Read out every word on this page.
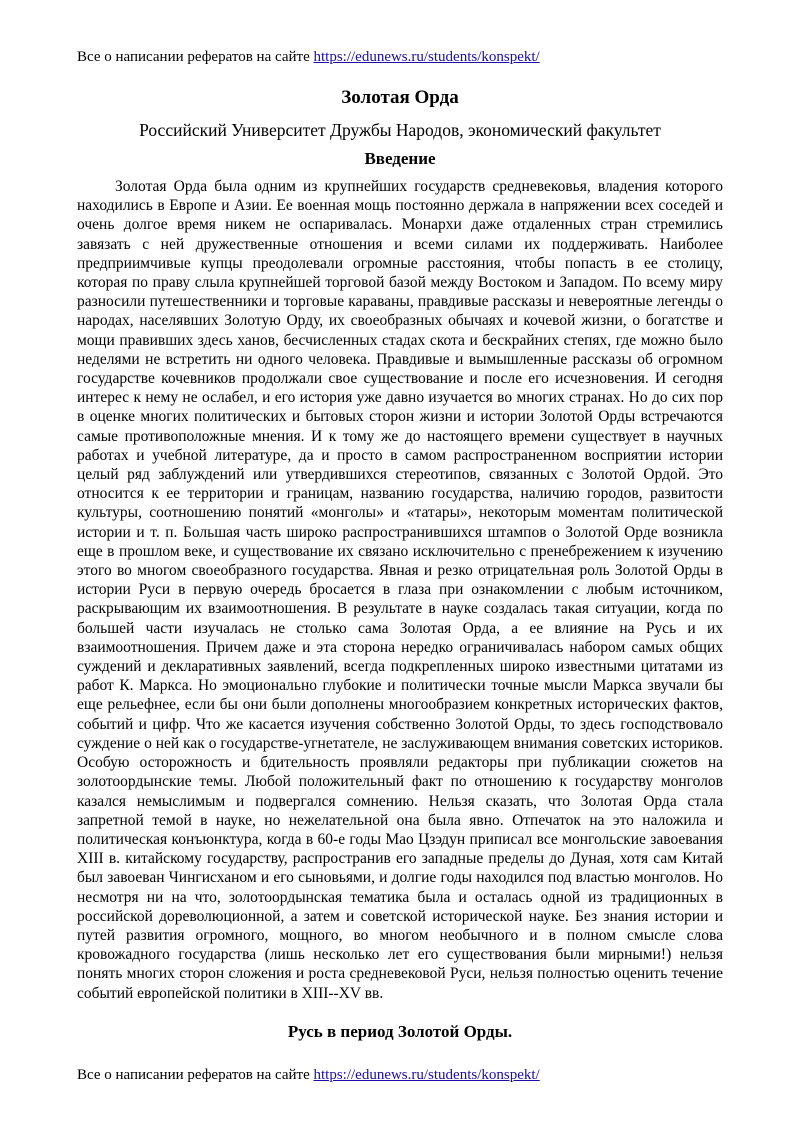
Все о написании рефератов на сайте https://edunews.ru/students/konspekt/
Золотая Орда
Российский Университет Дружбы Народов, экономический факультет
Введение

Золотая Орда была одним из крупнейших государств средневековья, владения которого находились в Европе и Азии. Ее военная мощь постоянно держала в напряжении всех соседей и очень долгое время никем не оспаривалась. Монархи даже отдаленных стран стремились завязать с ней дружественные отношения и всеми силами их поддерживать. Наиболее предприимчивые купцы преодолевали огромные расстояния, чтобы попасть в ее столицу, которая по праву слыла крупнейшей торговой базой между Востоком и Западом. По всему миру разносили путешественники и торговые караваны, правдивые рассказы и невероятные легенды о народах, населявших Золотую Орду, их своеобразных обычаях и кочевой жизни, о богатстве и мощи правивших здесь ханов, бесчисленных стадах скота и бескрайних степях, где можно было неделями не встретить ни одного человека. Правдивые и вымышленные рассказы об огромном государстве кочевников продолжали свое существование и после его исчезновения. И сегодня интерес к нему не ослабел, и его история уже давно изучается во многих странах. Но до сих пор в оценке многих политических и бытовых сторон жизни и истории Золотой Орды встречаются самые противоположные мнения. И к тому же до настоящего времени существует в научных работах и учебной литературе, да и просто в самом распространенном восприятии истории целый ряд заблуждений или утвердившихся стереотипов, связанных с Золотой Ордой. Это относится к ее территории и границам, названию государства, наличию городов, развитости культуры, соотношению понятий «монголы» и «татары», некоторым моментам политической истории и т. п. Большая часть широко распространившихся штампов о Золотой Орде возникла еще в прошлом веке, и существование их связано исключительно с пренебрежением к изучению этого во многом своеобразного государства. Явная и резко отрицательная роль Золотой Орды в истории Руси в первую очередь бросается в глаза при ознакомлении с любым источником, раскрывающим их взаимоотношения. В результате в науке создалась такая ситуации, когда по большей части изучалась не столько сама Золотая Орда, а ее влияние на Русь и их взаимоотношения. Причем даже и эта сторона нередко ограничивалась набором самых общих суждений и декларативных заявлений, всегда подкрепленных широко известными цитатами из работ К. Маркса. Но эмоционально глубокие и политически точные мысли Маркса звучали бы еще рельефнее, если бы они были дополнены многообразием конкретных исторических фактов, событий и цифр. Что же касается изучения собственно Золотой Орды, то здесь господствовало суждение о ней как о государстве-угнетателе, не заслуживающем внимания советских историков. Особую осторожность и бдительность проявляли редакторы при публикации сюжетов на золотоордынские темы. Любой положительный факт по отношению к государству монголов казался немыслимым и подвергался сомнению. Нельзя сказать, что Золотая Орда стала запретной темой в науке, но нежелательной она была явно. Отпечаток на это наложила и политическая конъюнктура, когда в 60-е годы Мао Цзэдун приписал все монгольские завоевания XIII в. китайскому государству, распространив его западные пределы до Дуная, хотя сам Китай был завоеван Чингисханом и его сыновьями, и долгие годы находился под властью монголов. Но несмотря ни на что, золотоордынская тематика была и осталась одной из традиционных в российской дореволюционной, а затем и советской исторической науке. Без знания истории и путей развития огромного, мощного, во многом необычного и в полном смысле слова кровожадного государства (лишь несколько лет его существования были мирными!) нельзя понять многих сторон сложения и роста средневековой Руси, нельзя полностью оценить течение событий европейской политики в XIII--XV вв.

Русь в период Золотой Орды.
Все о написании рефератов на сайте https://edunews.ru/students/konspekt/
